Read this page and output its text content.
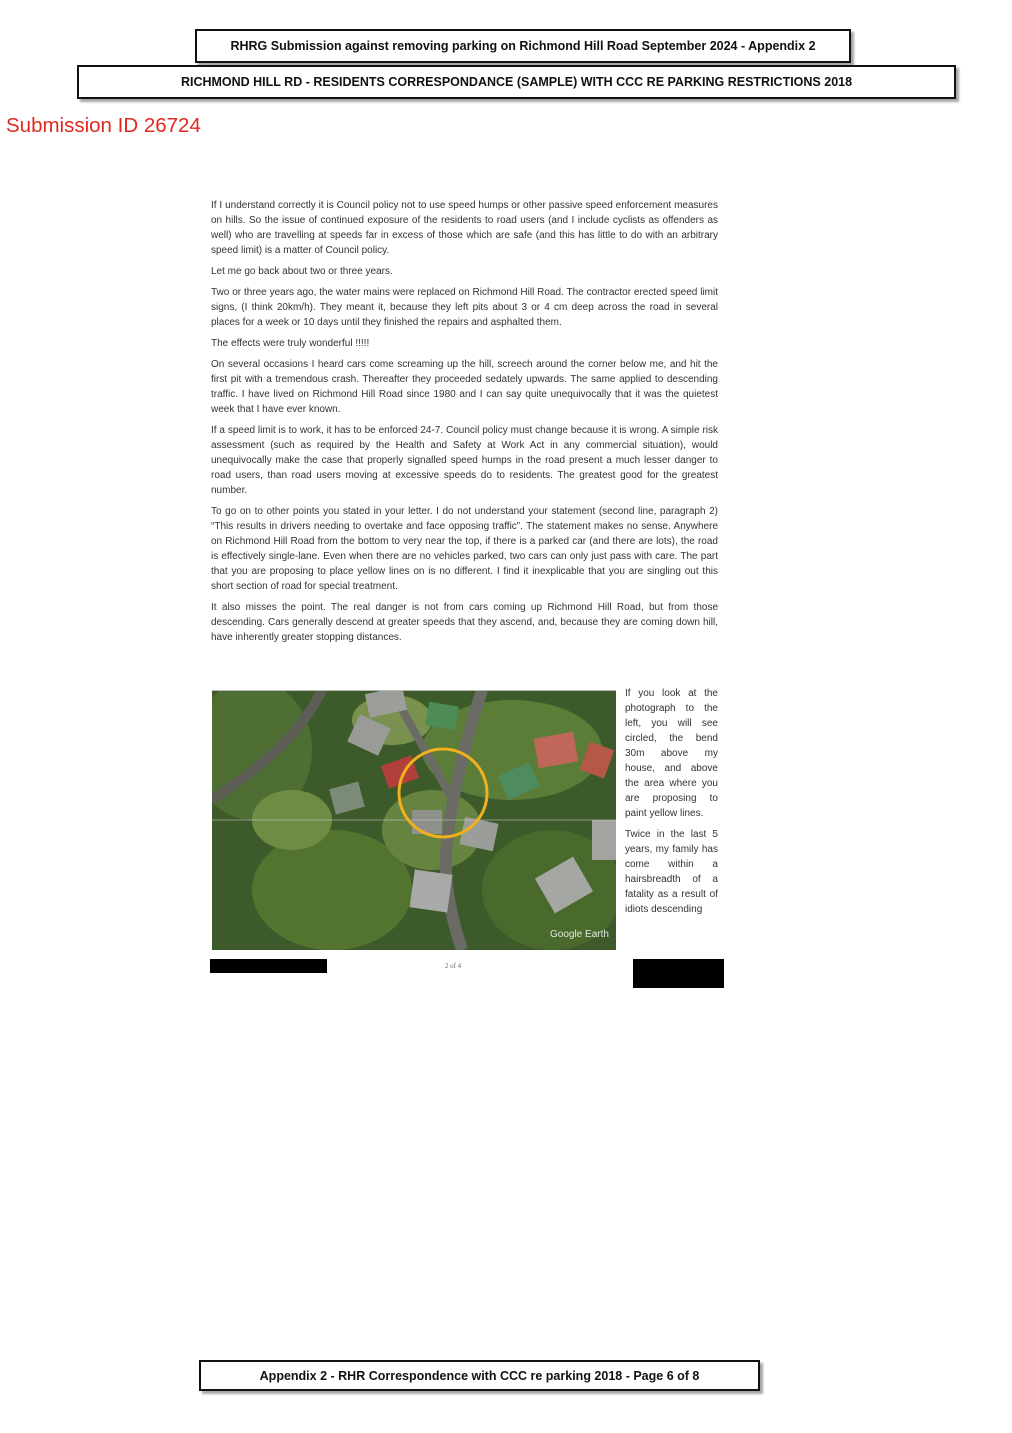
RHRG Submission against removing parking on Richmond Hill Road September 2024 - Appendix 2
RICHMOND HILL RD - RESIDENTS CORRESPONDANCE (SAMPLE) WITH CCC RE PARKING RESTRICTIONS 2018
Submission ID 26724

If I understand correctly it is Council policy not to use speed humps or other passive speed enforcement measures on hills. So the issue of continued exposure of the residents to road users (and I include cyclists as offenders as well) who are travelling at speeds far in excess of those which are safe (and this has little to do with an arbitrary speed limit) is a matter of Council policy.

Let me go back about two or three years.

Two or three years ago, the water mains were replaced on Richmond Hill Road. The contractor erected speed limit signs, (I think 20km/h). They meant it, because they left pits about 3 or 4 cm deep across the road in several places for a week or 10 days until they finished the repairs and asphalted them.

The effects were truly wonderful !!!!!

On several occasions I heard cars come screaming up the hill, screech around the corner below me, and hit the first pit with a tremendous crash. Thereafter they proceeded sedately upwards. The same applied to descending traffic. I have lived on Richmond Hill Road since 1980 and I can say quite unequivocally that it was the quietest week that I have ever known.

If a speed limit is to work, it has to be enforced 24-7. Council policy must change because it is wrong. A simple risk assessment (such as required by the Health and Safety at Work Act in any commercial situation), would unequivocally make the case that properly signalled speed humps in the road present a much lesser danger to road users, than road users moving at excessive speeds do to residents. The greatest good for the greatest number.

To go on to other points you stated in your letter. I do not understand your statement (second line, paragraph 2) “This results in drivers needing to overtake and face opposing traffic”. The statement makes no sense. Anywhere on Richmond Hill Road from the bottom to very near the top, if there is a parked car (and there are lots), the road is effectively single-lane. Even when there are no vehicles parked, two cars can only just pass with care. The part that you are proposing to place yellow lines on is no different. I find it inexplicable that you are singling out this short section of road for special treatment.

It also misses the point. The real danger is not from cars coming up Richmond Hill Road, but from those descending. Cars generally descend at greater speeds that they ascend, and, because they are coming down hill, have inherently greater stopping distances.

Google Earth

If you look at the photograph to the left, you will see circled, the bend 30m above my house, and above the area where you are proposing to paint yellow lines.

Twice in the last 5 years, my family has come within a hairsbreadth of a fatality as a result of idiots descending

2 of 4
Appendix 2 - RHR Correspondence with CCC re parking 2018 - Page 6 of 8
